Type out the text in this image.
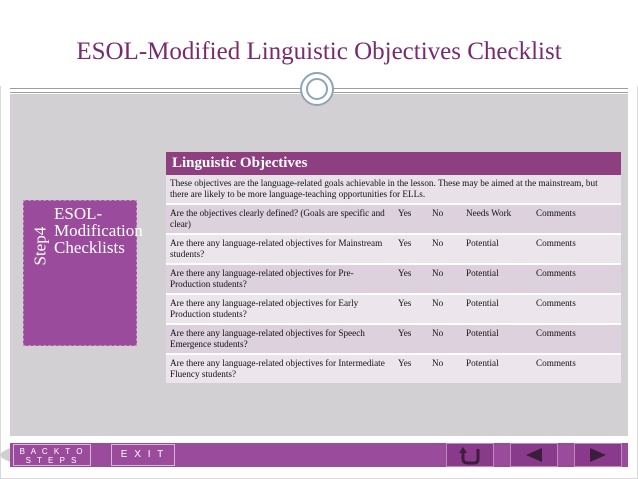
ESOL-Modified Linguistic Objectives Checklist
Step4
ESOL-
Modification
Checklists
Linguistic Objectives				
These objectives are the language-related goals achievable in the lesson. These may be aimed at the mainstream, but there are likely to be more language-teaching opportunities for ELLs.				
Are the objectives clearly defined? (Goals are specific and clear)	Yes	No	Needs Work	Comments
Are there any language-related objectives for Mainstream students?	Yes	No	Potential	Comments
Are there any language-related objectives for Pre-Production students?	Yes	No	Potential	Comments
Are there any language-related objectives for Early Production students?	Yes	No	Potential	Comments
Are there any language-related objectives for Speech Emergence students?	Yes	No	Potential	Comments
Are there any language-related objectives for Intermediate Fluency students?	Yes	No	Potential	Comments
B A C K T O
S T E P S
E X I T
